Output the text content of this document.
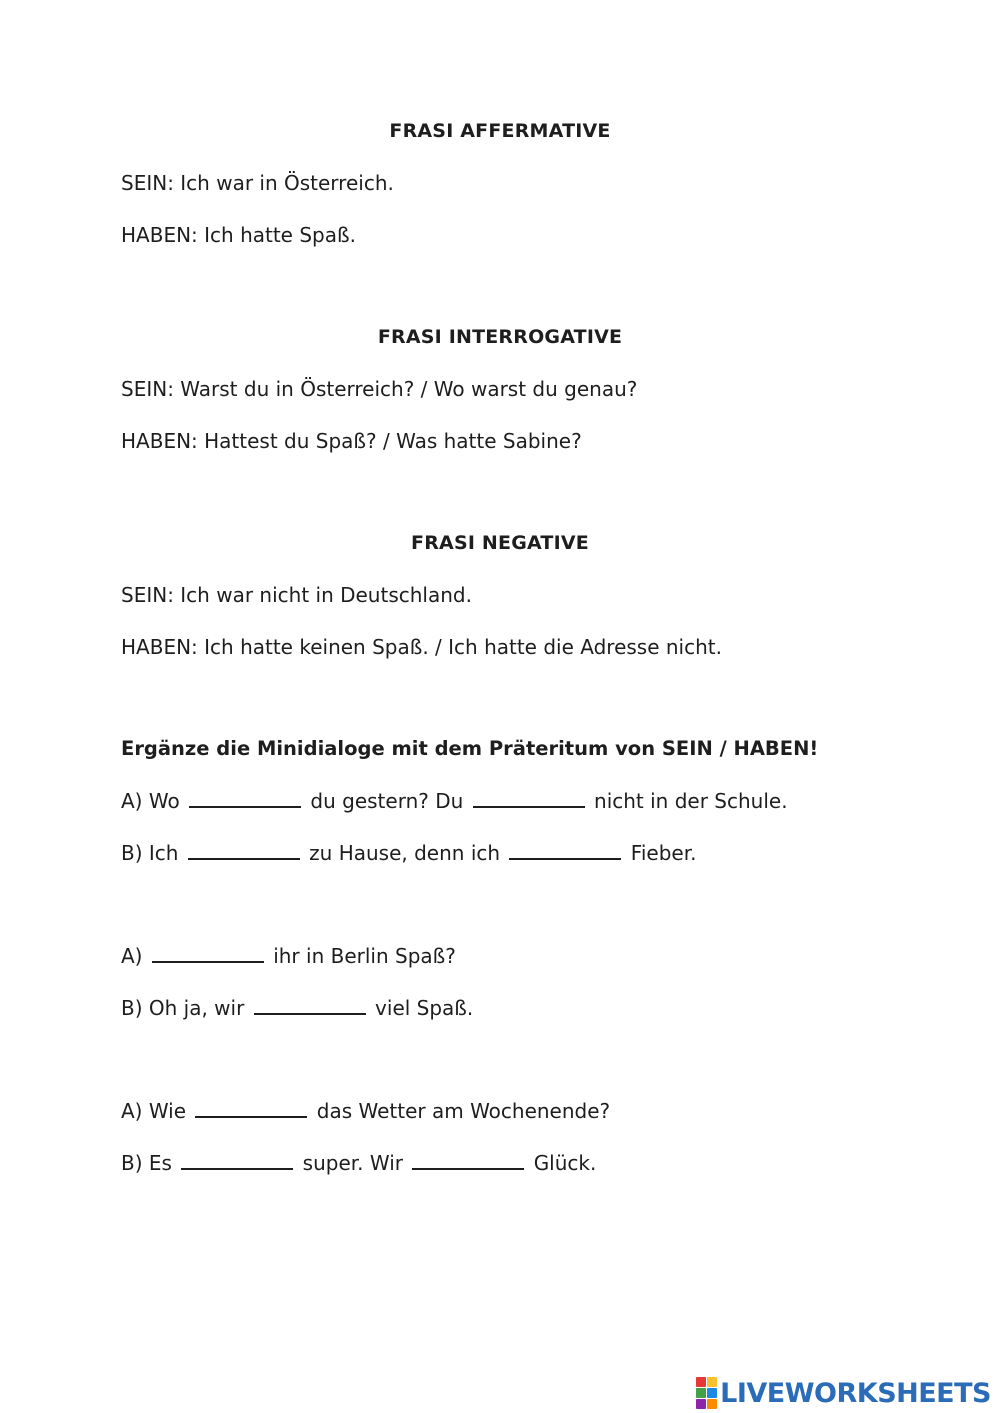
FRASI AFFERMATIVE
SEIN: Ich war in Österreich.
HABEN: Ich hatte Spaß.
FRASI INTERROGATIVE
SEIN: Warst du in Österreich? / Wo warst du genau?
HABEN: Hattest du Spaß? / Was hatte Sabine?
FRASI NEGATIVE
SEIN: Ich war nicht in Deutschland.
HABEN: Ich hatte keinen Spaß. / Ich hatte die Adresse nicht.
Ergänze die Minidialoge mit dem Präteritum von SEIN / HABEN!
A) Wo	du gestern? Du	nicht in der Schule.
B) Ich	zu Hause, denn ich	Fieber.
A)	ihr in Berlin Spaß?
B) Oh ja, wir	viel Spaß.
A) Wie	das Wetter am Wochenende?
B) Es	super. Wir	Glück.
LIVEWORKSHEETS
